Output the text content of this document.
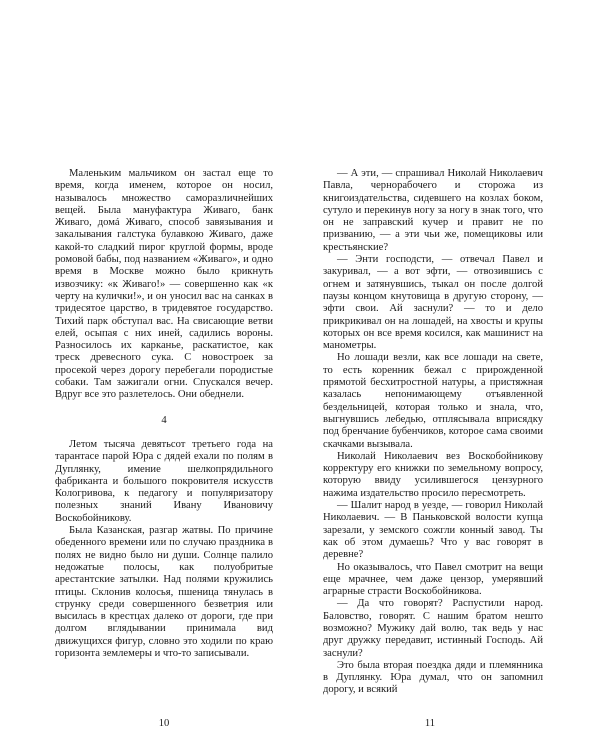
Маленьким мальчиком он застал еще то время, когда именем, которое он носил, называлось множество саморазличнейших вещей. Была мануфактура Живаго, банк Живаго, домá Живаго, способ завязывания и закалывания галстука булавкою Живаго, даже какой-то сладкий пирог круглой формы, вроде ромовой бабы, под названием «Живаго», и одно время в Москве можно было крикнуть извозчику: «к Живаго!» — совершенно как «к черту на кулички!», и он уносил вас на санках в тридесятое царство, в тридевятое государство. Тихий парк обступал вас. На свисающие ветви елей, осыпая с них иней, садились вороны. Разносилось их карканье, раскатистое, как треск древесного сука. С новостроек за просекой через дорогу перебегали породистые собаки. Там зажигали огни. Спускался вечер. Вдруг все это разлетелось. Они обеднели.

4

Летом тысяча девятьсот третьего года на тарантасе парой Юра с дядей ехали по полям в Дуплянку, имение шелкопрядильного фабриканта и большого покровителя искусств Кологривова, к педагогу и популяризатору полезных знаний Ивану Ивановичу Воскобойникову.

Была Казанская, разгар жатвы. По причине обеденного времени или по случаю праздника в полях не видно было ни души. Солнце палило недожатые полосы, как полуобритые арестантские затылки. Над полями кружились птицы. Склонив колосья, пшеница тянулась в струнку среди совершенного безветрия или высилась в крестцах далеко от дороги, где при долгом вглядывании принимала вид движущихся фигур, словно это ходили по краю горизонта землемеры и что-то записывали.

10

— А эти, — спрашивал Николай Николаевич Павла, чернорабочего и сторожа из книгоиздательства, сидевшего на козлах боком, сутуло и перекинув ногу за ногу в знак того, что он не заправский кучер и правит не по призванию, — а эти чьи же, помещиковы или крестьянские?

— Энти господсти, — отвечал Павел и закуривал, — а вот эфти, — отвозившись с огнем и затянувшись, тыкал он после долгой паузы концом кнутовища в другую сторону, — эфти свои. Ай заснули? — то и дело прикрикивал он на лошадей, на хвосты и крупы которых он все время косился, как машинист на манометры.

Но лошади везли, как все лошади на свете, то есть коренник бежал с прирожденной прямотой бесхитростной натуры, а пристяжная казалась непонимающему отъявленной бездельницей, которая только и знала, что, выгнувшись лебедью, отплясывала вприсядку под бренчание бубенчиков, которое сама своими скачками вызывала.

Николай Николаевич вез Воскобойникову корректуру его книжки по земельному вопросу, которую ввиду усилившегося цензурного нажима издательство просило пересмотреть.

— Шалит народ в уезде, — говорил Николай Николаевич. — В Паньковской волости купца зарезали, у земского сожгли конный завод. Ты как об этом думаешь? Что у вас говорят в деревне?

Но оказывалось, что Павел смотрит на вещи еще мрачнее, чем даже цензор, умерявший аграрные страсти Воскобойникова.

— Да что говорят? Распустили народ. Баловство, говорят. С нашим братом нешто возможно? Мужику дай волю, так ведь у нас друг дружку передавит, истинный Господь. Ай заснули?

Это была вторая поездка дяди и племянника в Дуплянку. Юра думал, что он запомнил дорогу, и всякий

11
